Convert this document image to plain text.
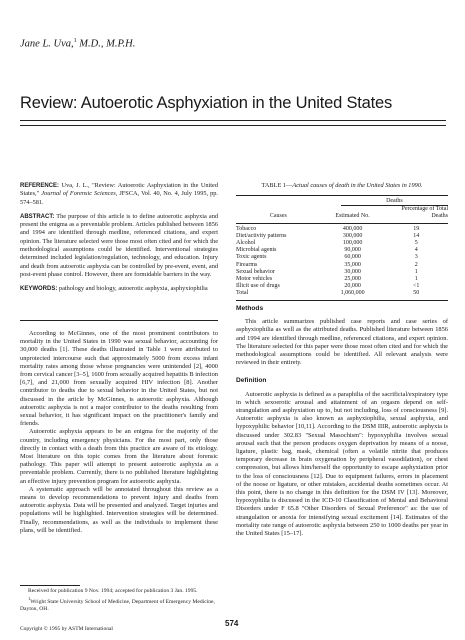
Jane L. Uva,$^1$ M.D., M.P.H.
Review: Autoerotic Asphyxiation in the United States

REFERENCE: Uva, J. L., "Review: Autoerotic Asphyxiation in the United States," Journal of Forensic Sciences, JFSCA, Vol. 40, No. 4, July 1995, pp. 574–581.

ABSTRACT: The purpose of this article is to define autoerotic asphyxia and present the enigma as a preventable problem. Articles published between 1856 and 1994 are identified through medline, referenced citations, and expert opinion. The literature selected were those most often cited and for which the methodological assumptions could be identified. Interventional strategies determined included legislation/regulation, technology, and education. Injury and death from autoerotic asphyxia can be controlled by pre-event, event, and post-event phase control. However, there are formidable barriers in the way.

KEYWORDS: pathology and biology, autoerotic asphyxia, asphyxiophilia

According to McGinnes, one of the most prominent contributors to mortality in the United States in 1990 was sexual behavior, accounting for 30,000 deaths [1]. These deaths illustrated in Table 1 were attributed to unprotected intercourse such that approximately 5000 from excess infant mortality rates among those whose pregnancies were unintended [2], 4000 from cervical cancer [3–5], 1600 from sexually acquired hepatitis B infection [6,7], and 21,000 from sexually acquired HIV infection [8]. Another contributor to deaths due to sexual behavior in the United States, but not discussed in the article by McGinnes, is autoerotic asphyxia. Although autoerotic asphyxia is not a major contributor to the deaths resulting from sexual behavior, it has significant impact on the practitioner's family and friends.

Autoerotic asphyxia appears to be an enigma for the majority of the country, including emergency physicians. For the most part, only those directly in contact with a death from this practice are aware of its etiology. Most literature on this topic comes from the literature about forensic pathology. This paper will attempt to present autoerotic asphyxia as a preventable problem. Currently, there is no published literature highlighting an effective injury prevention program for autoerotic asphyxia.

A systematic approach will be annotated throughout this review as a means to develop recommendations to prevent injury and deaths from autoerotic asphyxia. Data will be presented and analyzed. Target injuries and populations will be highlighted. Intervention strategies will be determined. Finally, recommendations, as well as the individuals to implement these plans, will be identified.

Received for publication 9 Nov. 1994; accepted for publication 3 Jan. 1995.

$^1$Wright State University School of Medicine, Department of Emergency Medicine, Dayton, OH.

Copyright © 1995 by ASTM International
574
TABLE 1—Actual causes of death in the United States in 1990.

	Deaths	

Causes	Estimated No.	Percentage of Total Deaths
Tobacco	400,000	19
Diet/activity patterns	300,000	14
Alcohol	100,000	5
Microbial agents	90,000	4
Toxic agents	60,000	3
Firearms	35,000	2
Sexual behavior	30,000	1
Motor vehicles	25,000	1
Illicit use of drugs	20,000	<1
Total	1,060,000	50
Methods

This article summarizes published case reports and case series of asphyxiophilia as well as the attributed deaths. Published literature between 1856 and 1994 are identified through medline, referenced citations, and expert opinion. The literature selected for this paper were those most often cited and for which the methodological assumptions could be identified. All relevant analysis were reviewed in their entirety.

Definition

Autoerotic asphyxia is defined as a paraphilia of the sacrificial/expiratory type in which sexoerotic arousal and attainment of an orgasm depend on self-strangulation and asphyxiation up to, but not including, loss of consciousness [9]. Autoerotic asphyxia is also known as asphyxiophilia, sexual asphyxia, and hypoxyphilic behavior [10,11]. According to the DSM IIIR, autoerotic asphyxia is discussed under 302.83 "Sexual Masochism": hypoxyphilia involves sexual arousal such that the person produces oxygen deprivation by means of a noose, ligature, plastic bag, mask, chemical (often a volatile nitrite that produces temporary decrease in brain oxygenation by peripheral vasodilation), or chest compression, but allows him/herself the opportunity to escape asphyxiation prior to the loss of consciousness [12]. Due to equipment failures, errors in placement of the noose or ligature, or other mistakes, accidental deaths sometimes occur. At this point, there is no change in this definition for the DSM IV [13]. Moreover, hypoxyphilia is discussed in the ICD-10 Classification of Mental and Behavioral Disorders under F 65.8 "Other Disorders of Sexual Preference" as: the use of strangulation or anoxia for intensifying sexual excitement [14]. Estimates of the mortality rate range of autoerotic asphyxia between 250 to 1000 deaths per year in the United States [15–17].
